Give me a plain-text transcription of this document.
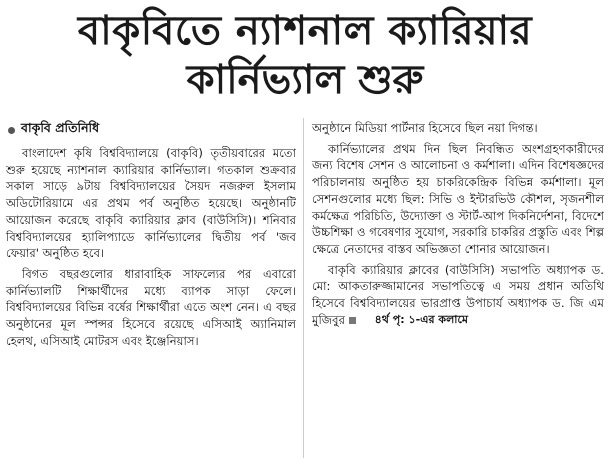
বাকৃবিতে ন্যাশনাল ক্যারিয়ার
কার্নিভ্যাল শুরু
বাকৃবি প্রতিনিধি

বাংলাদেশ কৃষি বিশ্ববিদ্যালয়ে (বাকৃবি) তৃতীয়বারের মতো শুরু হয়েছে ন্যাশনাল ক্যারিয়ার কার্নিভ্যাল। গতকাল শুক্রবার সকাল সাড়ে ৯টায় বিশ্ববিদ্যালয়ের সৈয়দ নজরুল ইসলাম অডিটোরিয়ামে এর প্রথম পর্ব অনুষ্ঠিত হয়েছে। অনুষ্ঠানটি আয়োজন করেছে বাকৃবি ক্যারিয়ার ক্লাব (বাউসিসি)। শনিবার বিশ্ববিদ্যালয়ের হ্যালিপ্যাডে কার্নিভ্যালের দ্বিতীয় পর্ব 'জব ফেয়ার' অনুষ্ঠিত হবে।

বিগত বছরগুলোর ধারাবাহিক সাফল্যের পর এবারো কার্নিভ্যালটি শিক্ষার্থীদের মধ্যে ব্যাপক সাড়া ফেলে। বিশ্ববিদ্যালয়ের বিভিন্ন বর্ষের শিক্ষার্থীরা এতে অংশ নেন। এ বছর অনুষ্ঠানের মূল স্পন্সর হিসেবে রয়েছে এসিআই অ্যানিমাল হেলথ, এসিআই মোটরস এবং ইঞ্জেনিয়াস।

অনুষ্ঠানে মিডিয়া পার্টনার হিসেবে ছিল নয়া দিগন্ত।

কার্নিভ্যালের প্রথম দিন ছিল নিবন্ধিত অংশগ্রহণকারীদের জন্য বিশেষ সেশন ও আলোচনা ও কর্মশালা। এদিন বিশেষজ্ঞদের পরিচালনায় অনুষ্ঠিত হয় চাকরিকেন্দ্রিক বিভিন্ন কর্মশালা। মূল সেশনগুলোর মধ্যে ছিল: সিভি ও ইন্টারভিউ কৌশল, সৃজনশীল কর্মক্ষেত্র পরিচিতি, উদ্যোক্তা ও স্টার্ট-আপ দিকনির্দেশনা, বিদেশে উচ্চশিক্ষা ও গবেষণার সুযোগ, সরকারি চাকরির প্রস্তুতি এবং শিল্প ক্ষেত্রে নেতাদের বাস্তব অভিজ্ঞতা শোনার আয়োজন।

বাকৃবি ক্যারিয়ার ক্লাবের (বাউসিসি) সভাপতি অধ্যাপক ড. মো: আকতারুজ্জামানের সভাপতিত্বে এ সময় প্রধান অতিথি হিসেবে বিশ্ববিদ্যালয়ের ভারপ্রাপ্ত উপাচার্য অধ্যাপক ড. জি এম মুজিবুর	৪র্থ পৃ: ১-এর কলামে
